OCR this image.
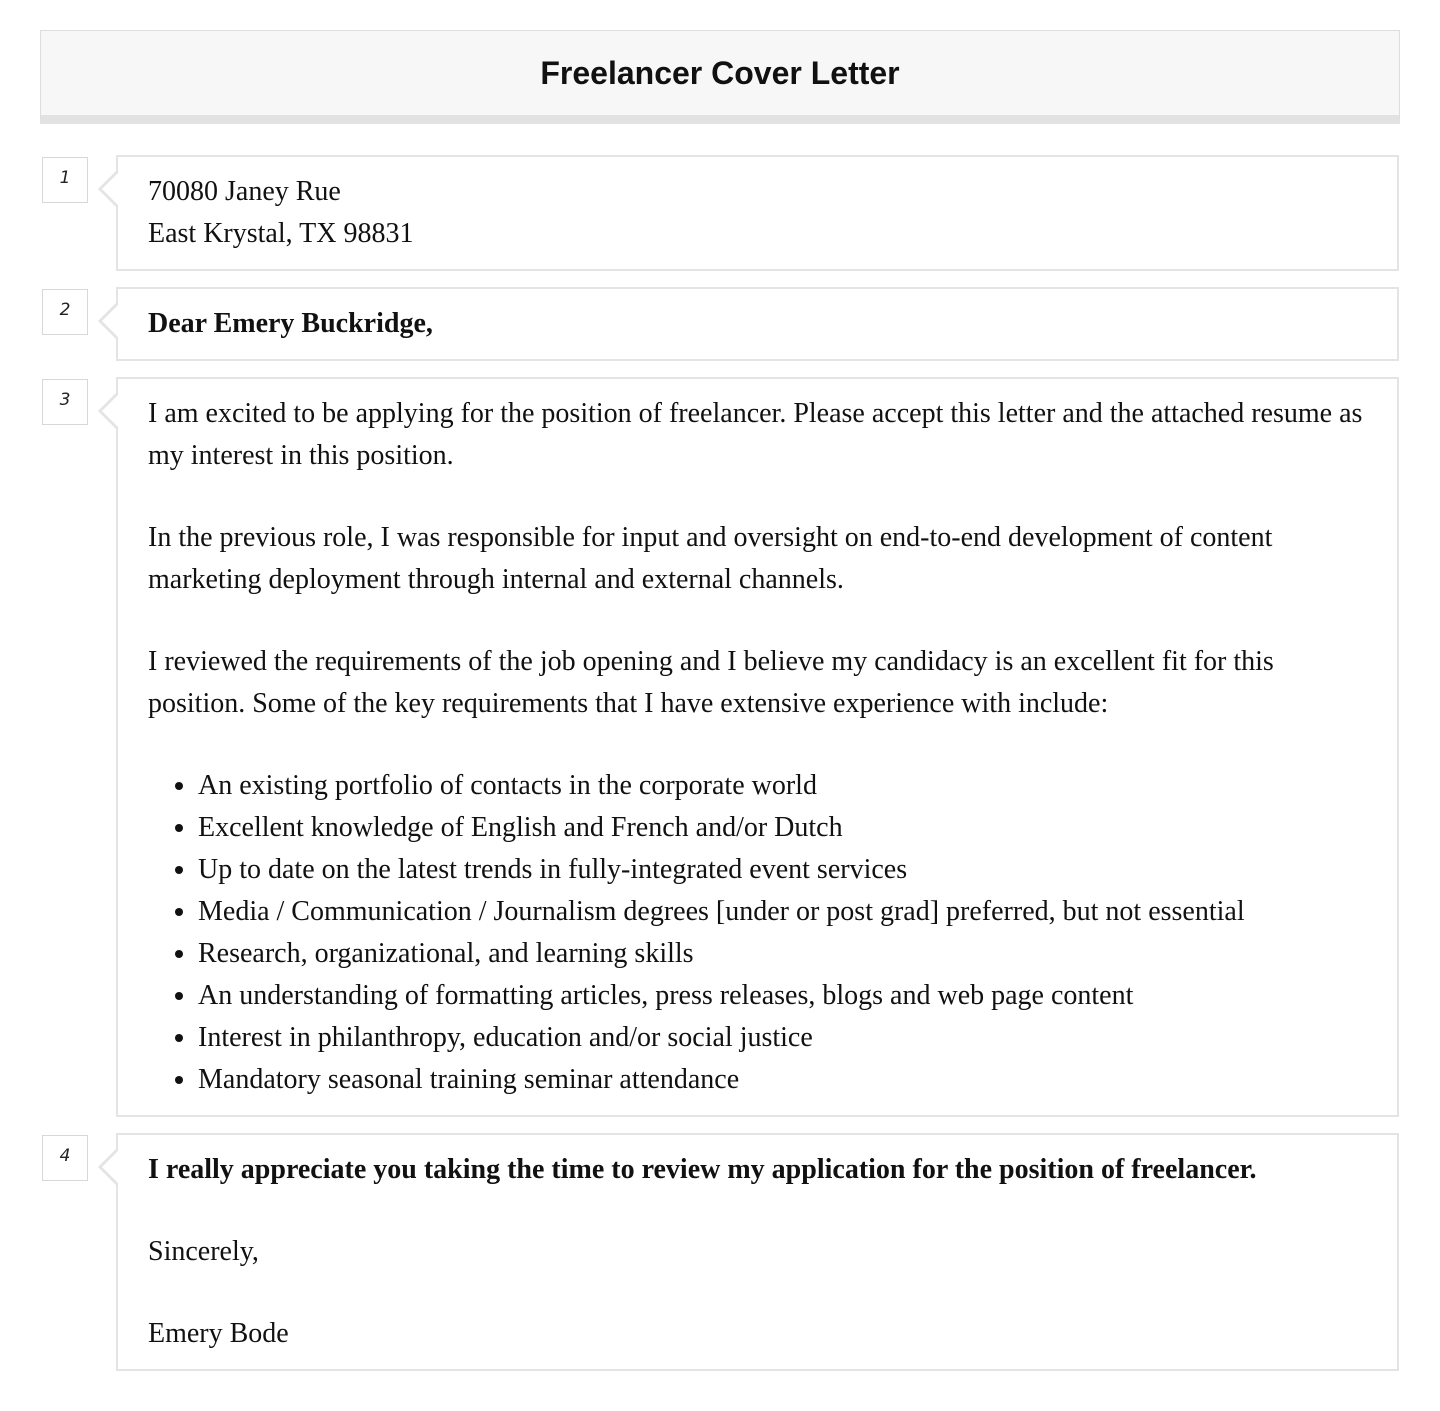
Freelancer Cover Letter
1	70080 Janey Rue
East Krystal, TX 98831
2	Dear Emery Buckridge,
3	I am excited to be applying for the position of freelancer. Please accept this letter and the attached resume as my interest in this position.

In the previous role, I was responsible for input and oversight on end-to-end development of content marketing deployment through internal and external channels.

I reviewed the requirements of the job opening and I believe my candidacy is an excellent fit for this position. Some of the key requirements that I have extensive experience with include:

• An existing portfolio of contacts in the corporate world
• Excellent knowledge of English and French and/or Dutch
• Up to date on the latest trends in fully-integrated event services
• Media / Communication / Journalism degrees [under or post grad] preferred, but not essential
• Research, organizational, and learning skills
• An understanding of formatting articles, press releases, blogs and web page content
• Interest in philanthropy, education and/or social justice
• Mandatory seasonal training seminar attendance
4	I really appreciate you taking the time to review my application for the position of freelancer.

Sincerely,

Emery Bode
